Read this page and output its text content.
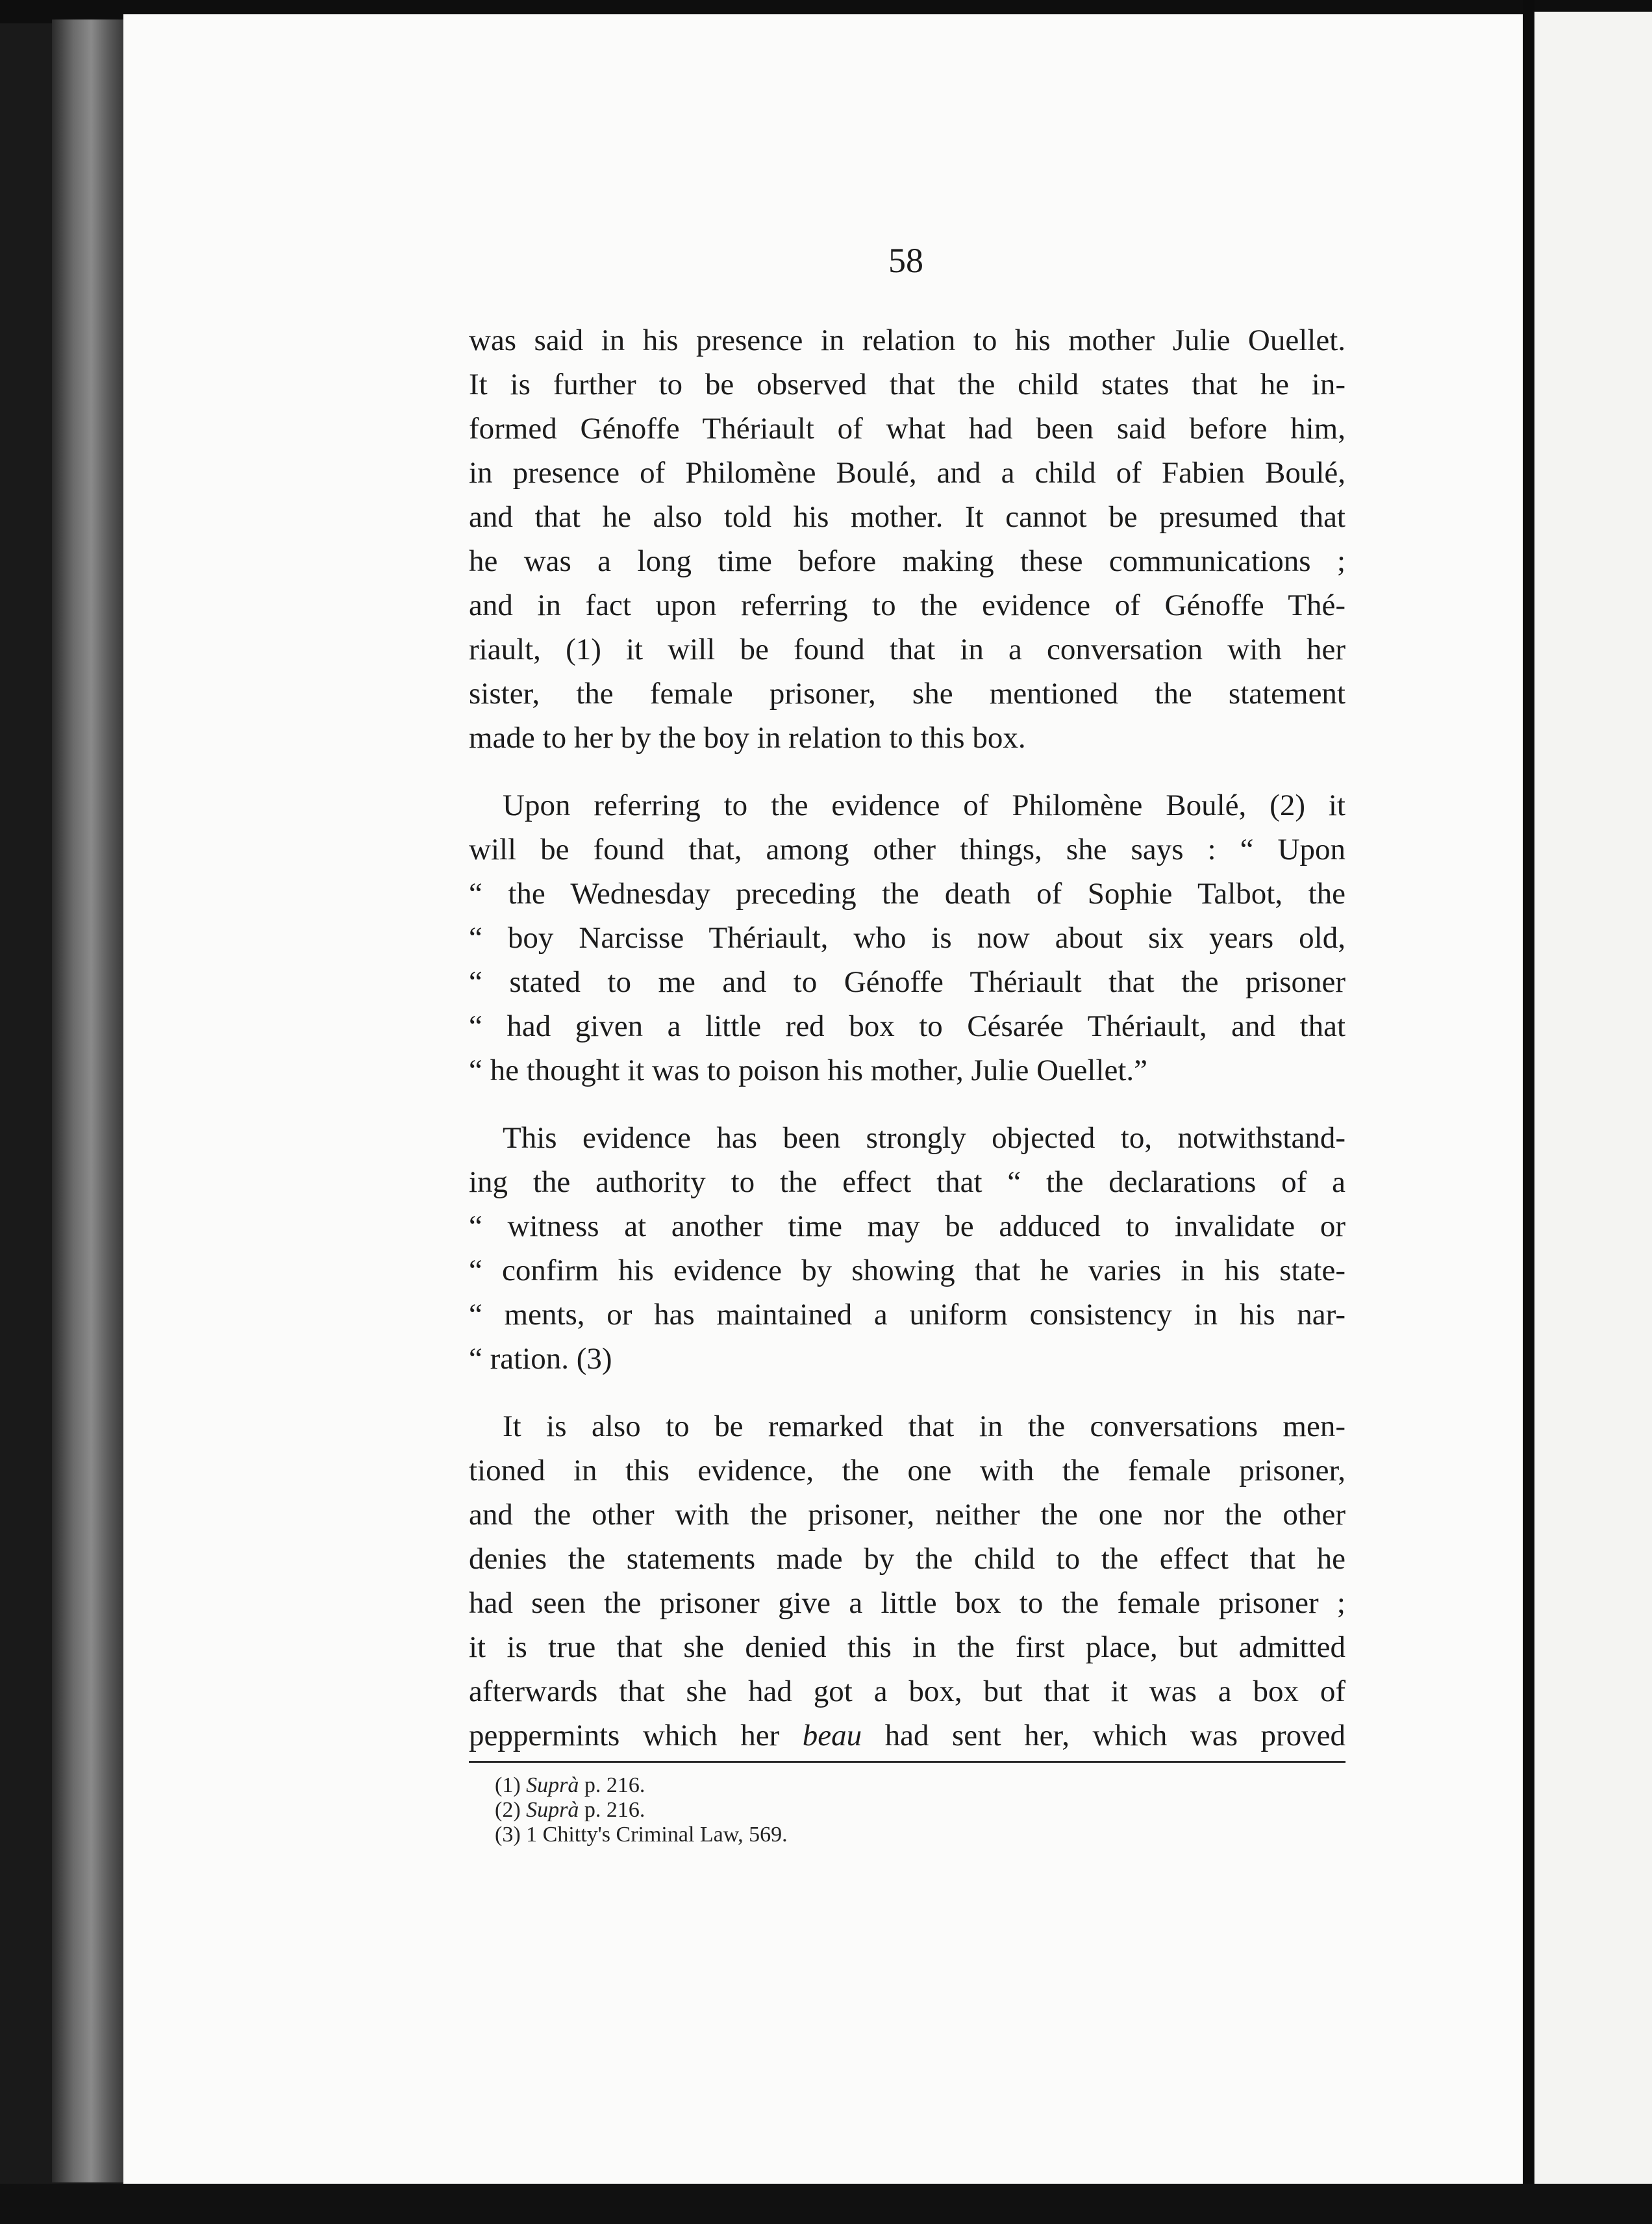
58
was said in his presence in relation to his mother Julie Ouellet.
It is further to be observed that the child states that he in-
formed Génoffe Thériault of what had been said before him,
in presence of Philomène Boulé, and a child of Fabien Boulé,
and that he also told his mother. It cannot be presumed that
he was a long time before making these communications ;
and in fact upon referring to the evidence of Génoffe Thé-
riault, (1) it will be found that in a conversation with her
sister, the female prisoner, she mentioned the statement
made to her by the boy in relation to this box.
Upon referring to the evidence of Philomène Boulé, (2) it
will be found that, among other things, she says : “ Upon
“ the Wednesday preceding the death of Sophie Talbot, the
“ boy Narcisse Thériault, who is now about six years old,
“ stated to me and to Génoffe Thériault that the prisoner
“ had given a little red box to Césarée Thériault, and that
“ he thought it was to poison his mother, Julie Ouellet.”
This evidence has been strongly objected to, notwithstand-
ing the authority to the effect that “ the declarations of a
“ witness at another time may be adduced to invalidate or
“ confirm his evidence by showing that he varies in his state-
“ ments, or has maintained a uniform consistency in his nar-
“ ration. (3)
It is also to be remarked that in the conversations men-
tioned in this evidence, the one with the female prisoner,
and the other with the prisoner, neither the one nor the other
denies the statements made by the child to the effect that he
had seen the prisoner give a little box to the female prisoner ;
it is true that she denied this in the first place, but admitted
afterwards that she had got a box, but that it was a box of
peppermints which her beau had sent her, which was proved
(1) Suprà p. 216.
(2) Suprà p. 216.
(3) 1 Chitty's Criminal Law, 569.
